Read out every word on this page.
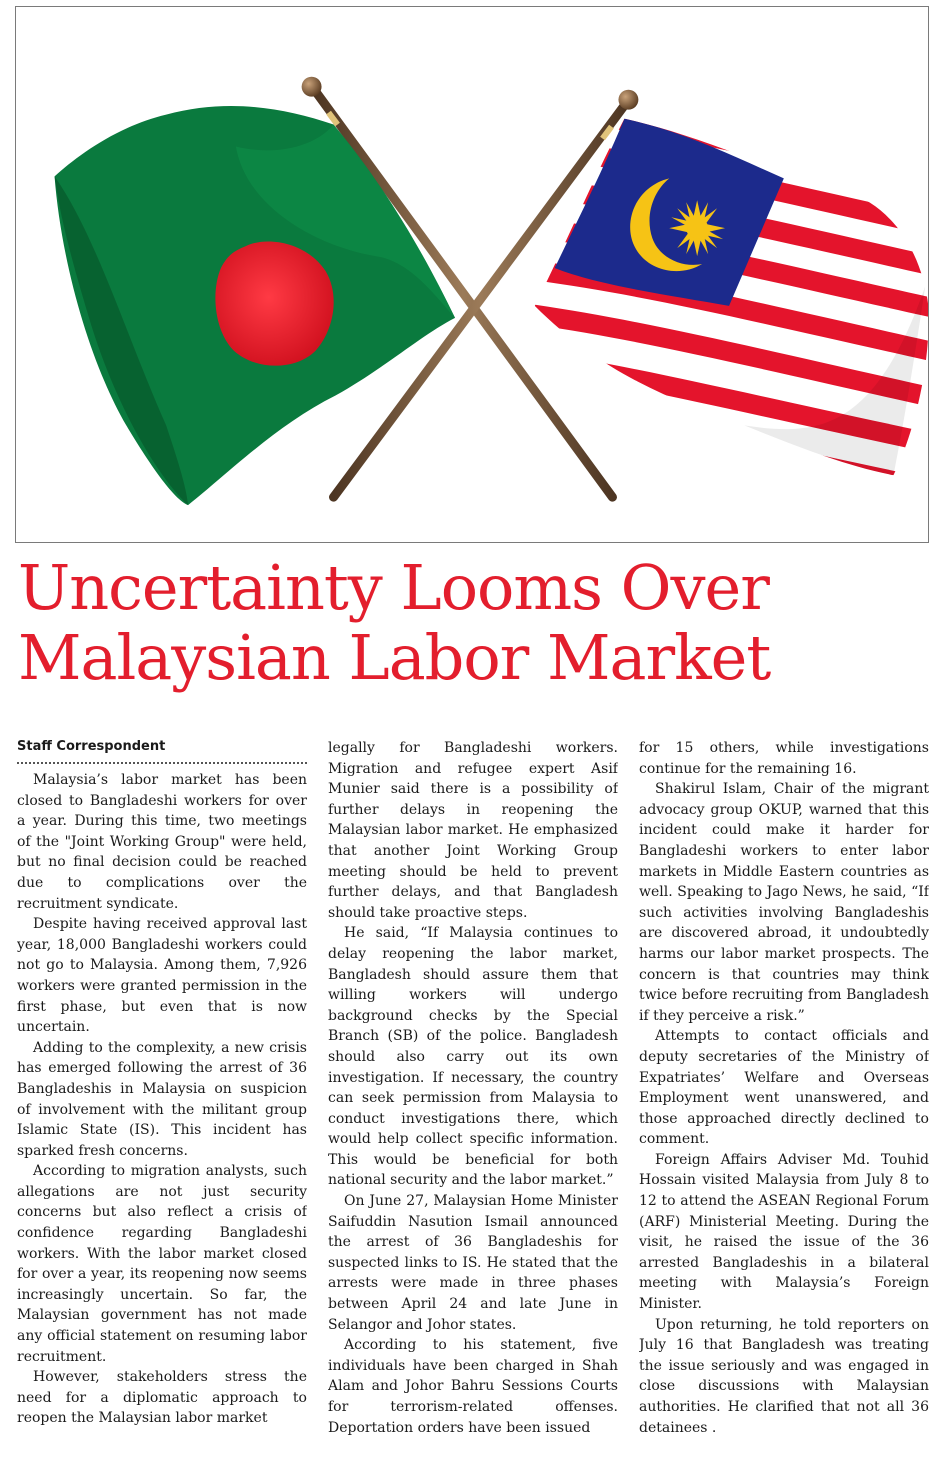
Uncertainty Looms Over
Malaysian Labor Market
Staff Correspondent

Malaysia’s labor market has been closed to Bangladeshi workers for over a year. During this time, two meetings of the "Joint Working Group" were held, but no final decision could be reached due to complications over the recruitment syndicate.

Despite having received approval last year, 18,000 Bangladeshi workers could not go to Malaysia. Among them, 7,926 workers were granted permission in the first phase, but even that is now uncertain.

Adding to the complexity, a new crisis has emerged following the arrest of 36 Bangladeshis in Malaysia on suspicion of involvement with the militant group Islamic State (IS). This incident has sparked fresh concerns.

According to migration analysts, such allegations are not just security concerns but also reflect a crisis of confidence regarding Bangladeshi workers. With the labor market closed for over a year, its reopening now seems increasingly uncertain. So far, the Malaysian government has not made any official statement on resuming labor recruitment.

However, stakeholders stress the need for a diplomatic approach to reopen the Malaysian labor market

legally for Bangladeshi workers. Migration and refugee expert Asif Munier said there is a possibility of further delays in reopening the Malaysian labor market. He emphasized that another Joint Working Group meeting should be held to prevent further delays, and that Bangladesh should take proactive steps.

He said, “If Malaysia continues to delay reopening the labor market, Bangladesh should assure them that willing workers will undergo background checks by the Special Branch (SB) of the police. Bangladesh should also carry out its own investigation. If necessary, the country can seek permission from Malaysia to conduct investigations there, which would help collect specific information. This would be beneficial for both national security and the labor market.”

On June 27, Malaysian Home Minister Saifuddin Nasution Ismail announced the arrest of 36 Bangladeshis for suspected links to IS. He stated that the arrests were made in three phases between April 24 and late June in Selangor and Johor states.

According to his statement, five individuals have been charged in Shah Alam and Johor Bahru Sessions Courts for terrorism-related offenses. Deportation orders have been issued

for 15 others, while investigations continue for the remaining 16.

Shakirul Islam, Chair of the migrant advocacy group OKUP, warned that this incident could make it harder for Bangladeshi workers to enter labor markets in Middle Eastern countries as well. Speaking to Jago News, he said, “If such activities involving Bangladeshis are discovered abroad, it undoubtedly harms our labor market prospects. The concern is that countries may think twice before recruiting from Bangladesh if they perceive a risk.”

Attempts to contact officials and deputy secretaries of the Ministry of Expatriates’ Welfare and Overseas Employment went unanswered, and those approached directly declined to comment.

Foreign Affairs Adviser Md. Touhid Hossain visited Malaysia from July 8 to 12 to attend the ASEAN Regional Forum (ARF) Ministerial Meeting. During the visit, he raised the issue of the 36 arrested Bangladeshis in a bilateral meeting with Malaysia’s Foreign Minister.

Upon returning, he told reporters on July 16 that Bangladesh was treating the issue seriously and was engaged in close discussions with Malaysian authorities. He clarified that not all 36 detainees .
